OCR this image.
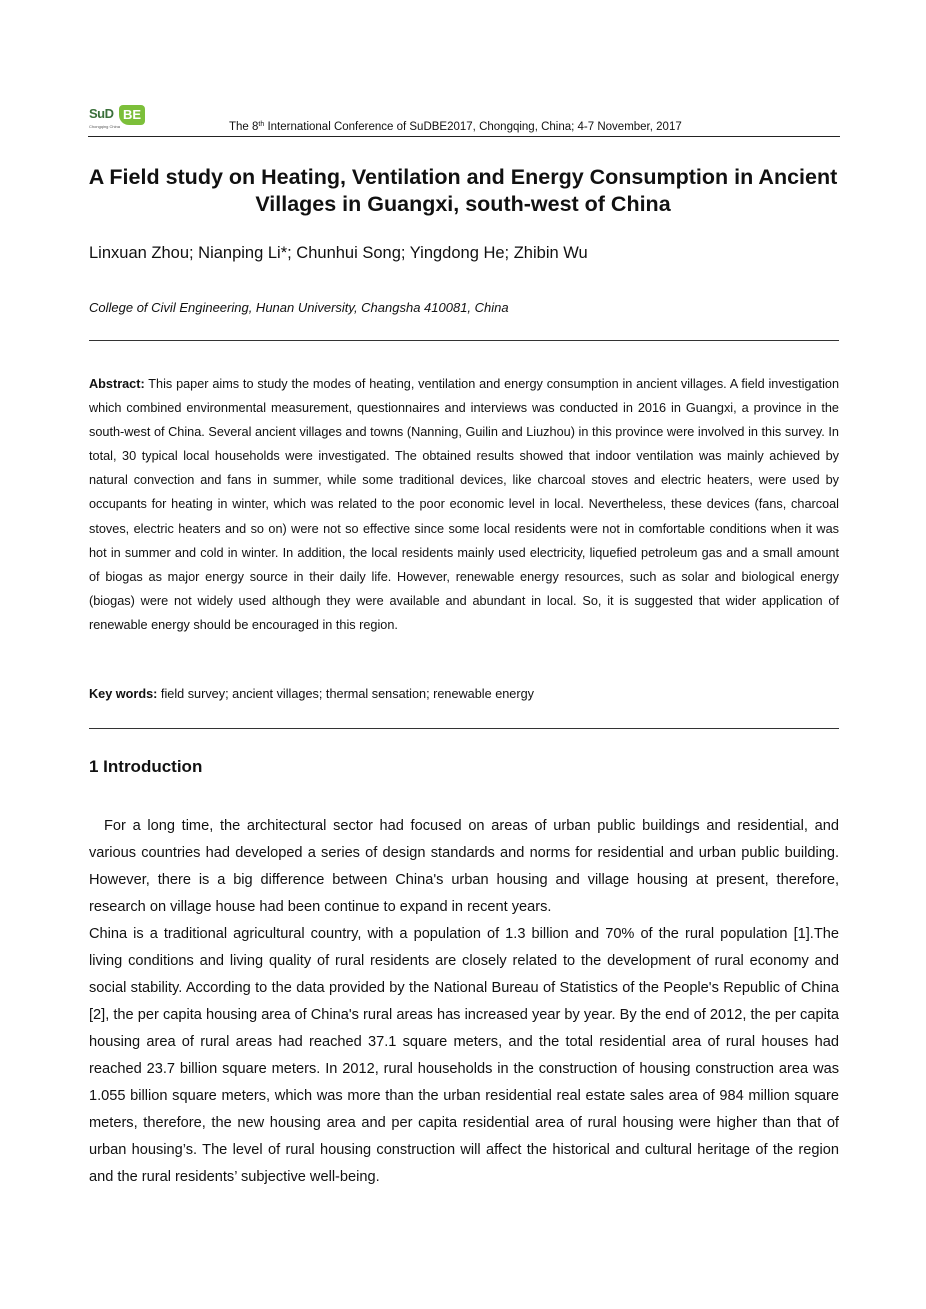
SuD BE
Chongqing China	The 8th International Conference of SuDBE2017, Chongqing, China; 4-7 November, 2017
A Field study on Heating, Ventilation and Energy Consumption in Ancient Villages in Guangxi, south-west of China
Linxuan Zhou; Nianping Li*; Chunhui Song; Yingdong He; Zhibin Wu
College of Civil Engineering, Hunan University, Changsha 410081, China
Abstract: This paper aims to study the modes of heating, ventilation and energy consumption in ancient villages. A field investigation which combined environmental measurement, questionnaires and interviews was conducted in 2016 in Guangxi, a province in the south-west of China. Several ancient villages and towns (Nanning, Guilin and Liuzhou) in this province were involved in this survey. In total, 30 typical local households were investigated. The obtained results showed that indoor ventilation was mainly achieved by natural convection and fans in summer, while some traditional devices, like charcoal stoves and electric heaters, were used by occupants for heating in winter, which was related to the poor economic level in local. Nevertheless, these devices (fans, charcoal stoves, electric heaters and so on) were not so effective since some local residents were not in comfortable conditions when it was hot in summer and cold in winter. In addition, the local residents mainly used electricity, liquefied petroleum gas and a small amount of biogas as major energy source in their daily life. However, renewable energy resources, such as solar and biological energy (biogas) were not widely used although they were available and abundant in local. So, it is suggested that wider application of renewable energy should be encouraged in this region.
Key words: field survey; ancient villages; thermal sensation; renewable energy
1 Introduction

For a long time, the architectural sector had focused on areas of urban public buildings and residential, and various countries had developed a series of design standards and norms for residential and urban public building. However, there is a big difference between China's urban housing and village housing at present, therefore, research on village house had been continue to expand in recent years.

China is a traditional agricultural country, with a population of 1.3 billion and 70% of the rural population [1].The living conditions and living quality of rural residents are closely related to the development of rural economy and social stability. According to the data provided by the National Bureau of Statistics of the People's Republic of China [2], the per capita housing area of China's rural areas has increased year by year. By the end of 2012, the per capita housing area of rural areas had reached 37.1 square meters, and the total residential area of rural houses had reached 23.7 billion square meters. In 2012, rural households in the construction of housing construction area was 1.055 billion square meters, which was more than the urban residential real estate sales area of 984 million square meters, therefore, the new housing area and per capita residential area of rural housing were higher than that of urban housing’s. The level of rural housing construction will affect the historical and cultural heritage of the region and the rural residents’ subjective well-being.
